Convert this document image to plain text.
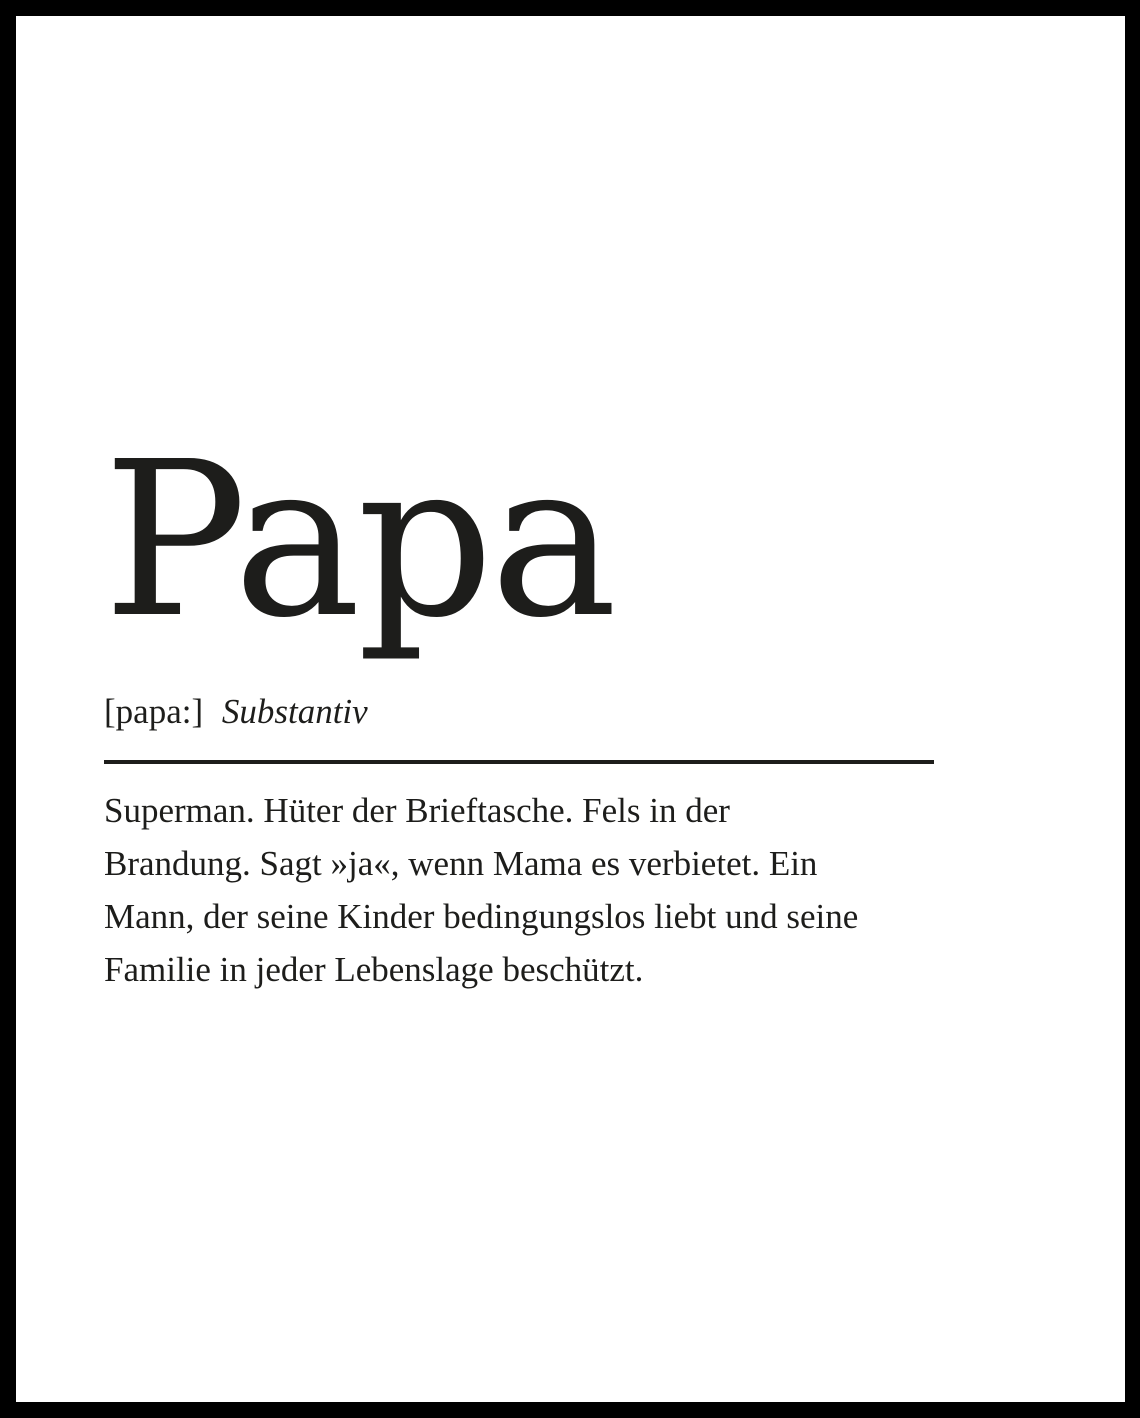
Papa
[papa:] Substantiv

Superman. Hüter der Brieftasche. Fels in der Brandung. Sagt »ja«, wenn Mama es verbietet. Ein Mann, der seine Kinder bedingungslos liebt und seine Familie in jeder Lebenslage beschützt.
